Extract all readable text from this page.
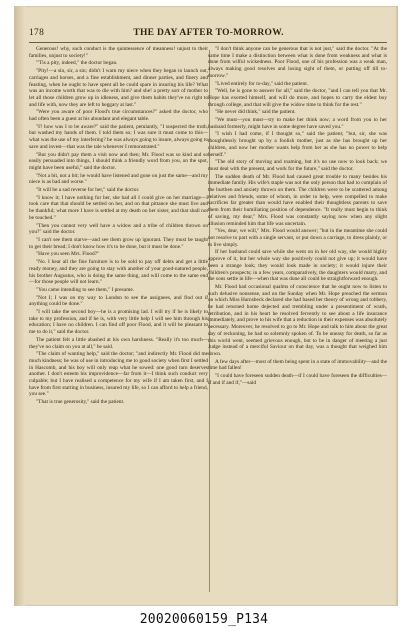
178	THE DAY AFTER TO-MORROW.

Generous! why, such conduct is the quintessence of meanness! unjust to their families, unjust to society!"

"'Tis a pity, indeed," the doctor began.

"Pity!—a sin, sir, a sin; didn't I warn my niece when they began to launch out, carriages and horses, and a fine establishment, and dinner parties, and finery and feasting, when he ought to have spent all he could spare in insuring his life? What was an income worth that was to die with him? and she! a pretty sort of mother to let all those children grow up in idleness, and give them habits they've no right to and life with, now they are left to beggary at last."

"Were you aware of poor Flood's true circumstances?" asked the doctor, who had often been a guest at his abundant and elegant table.

"I? how was I to be aware?" said the patient, petulantly, "I suspected the truth, but washed my hands of them. I told them so; I was sure it must come to this—what was the use of my interfering? he was always going to insure, always going to save and invest—that was the tale whenever I remonstrated."

"But you didn't pay them a visit now and then; Mr. Flood was so kind and so easily persuaded into things, I should think a friendly word from you, on the spot, might have been useful," said the doctor.

"Not a bit, not a bit; he would have listened and gone on just the same—and my niece is as bad and worse."

"It will be a sad reverse for her," said the doctor.

"I know it; I have nothing for her, she had all I could give on her marriage—I took care that that should be settled on her, and on that pittance she must live and be thankful; what more I have is settled at my death on her sister, and that shall not be touched."

"Then you cannot very well have a widow and a tribe of children thrown on you?" said the doctor.

"I can't see them starve—and see them grow up ignorant. They must be taught to get their bread; I don't know how it's to be done, but it must be done."

"Have you seen Mrs. Flood?"

"No. I hear all the fine furniture is to be sold to pay off debts and get a little ready money, and they are going to stay with another of your good-natured people, his brother Augustus, who is doing the same thing, and will come to the same end—for those people will not learn."

"You came intending to see them," I presume.

"Not I; I was on my way to London to see the assignees, and find out if anything could be done."

"I will take the second boy—he is a promising lad. I will try if he is likely to take to my profession, and if he is, with very little help I will see him through his education; I have no children. I can find off poor Flood, and it will be pleasant to me to do it," said the doctor.

The patient felt a little abashed at his own harshness. "Really it's too much—they've no claim on you at all," he said.

"The claim of wanting help," said the doctor; "and indirectly Mr. Flood did me much kindness; he was of use in introducing me to good society when first I settled in Hascomb, and his boy will only reap what he sowed: one good turn deserves another. I don't esteem his improvidence—far from it—I think such conduct very culpable; but I have realised a competence for my wife if I am taken first, and I have from first starting in business, insured my life, so I can afford to help a friend, you see."

"That is true generosity," said the patient.

"I don't think anyone can be generous that is not just," said the doctor. "At the same time I make a distinction between what is done from weakness and what is done from wilful wickedness. Poor Flood, one of his profession was a weak man, always making good resolves and losing sight of them, or putting off till to-morrow."

"Lived entirely for to-day," said the patient.

"Well, he is gone to answer for all," said the doctor, "and I can tell you that Mr. Hope has exerted himself, and will do more, and hopes to carry the eldest boy through college, and that will give the widow time to think for the rest."

"He never did think," said the patient.

"We must—you must—try to make her think now; a word from you to her husband formerly, might have in some degree have saved you."

"I wish I had come, if I thought so," said the patient; "but, sir, she was thoughtlessly brought up by a foolish mother, just as she has brought up her children, and now her mother wants help from her as she has no power to help herself."

"The old story of moving and roaming, but it's no use now to look back; we must deal with the present, and work for the future," said the doctor.

The sudden death of Mr. Flood had caused great trouble to many besides his immediate family. His wife's staple was not the only person that had to complain of the burthen and anxiety thrown on them. The children were to be scattered among relatives and friends, some of whom, in order to help, were compelled to make sacrifices far greater than would have enabled their thoughtless parents to save them from their humiliating position of dependence. "It really must begin to think of saving, my dear," Mrs. Flood was constantly saying now when any slight allusion reminded him that life was uncertain.

"Yes, dear, we will," Mrs. Flood would answer; "but in the meantime she could not resolve to part with a single servant, or put down a carriage, to dress plainly, or to live simply.

If her husband could save while she went on in her old way, she would highly approve of it, but her whole way she positively could not give up; it would have been a strange look; they would look made in society; it would injure their children's prospects; in a few years, comparatively, the daughters would marry, and the sons settle in life—when that was done all could be straightforward enough.

Mr. Flood had occasional qualms of conscience that he ought now to listen to such delusive nonsense, and on the Sunday when Mr. Hope preached the sermon on which Miss Harnsbeck declared she had based her theory of wrong and robbery, he had returned home dejected and trembling under a presentiment of wrath, retribution, and in his heart he resolved fervently to see about a life insurance immediately, and prove to his wife that a reduction in their expenses was absolutely necessary. Moreover, he resolved to go to Mr. Hope and talk to him about the great day of reckoning, he had so solemnly spoken of. To be uneasy for death, so far as this world went, seemed grievous enough, but to be in danger of meeting a just Judge instead of a merciful Saviour on that day, was a thought that weighed him down.

A few days after—most of them being spent in a state of immovability—and the time had fallen!

"I could have foreseen sudden death—if I could have foreseen the difficulties—if and if and if,"—said

20020060159_P134
